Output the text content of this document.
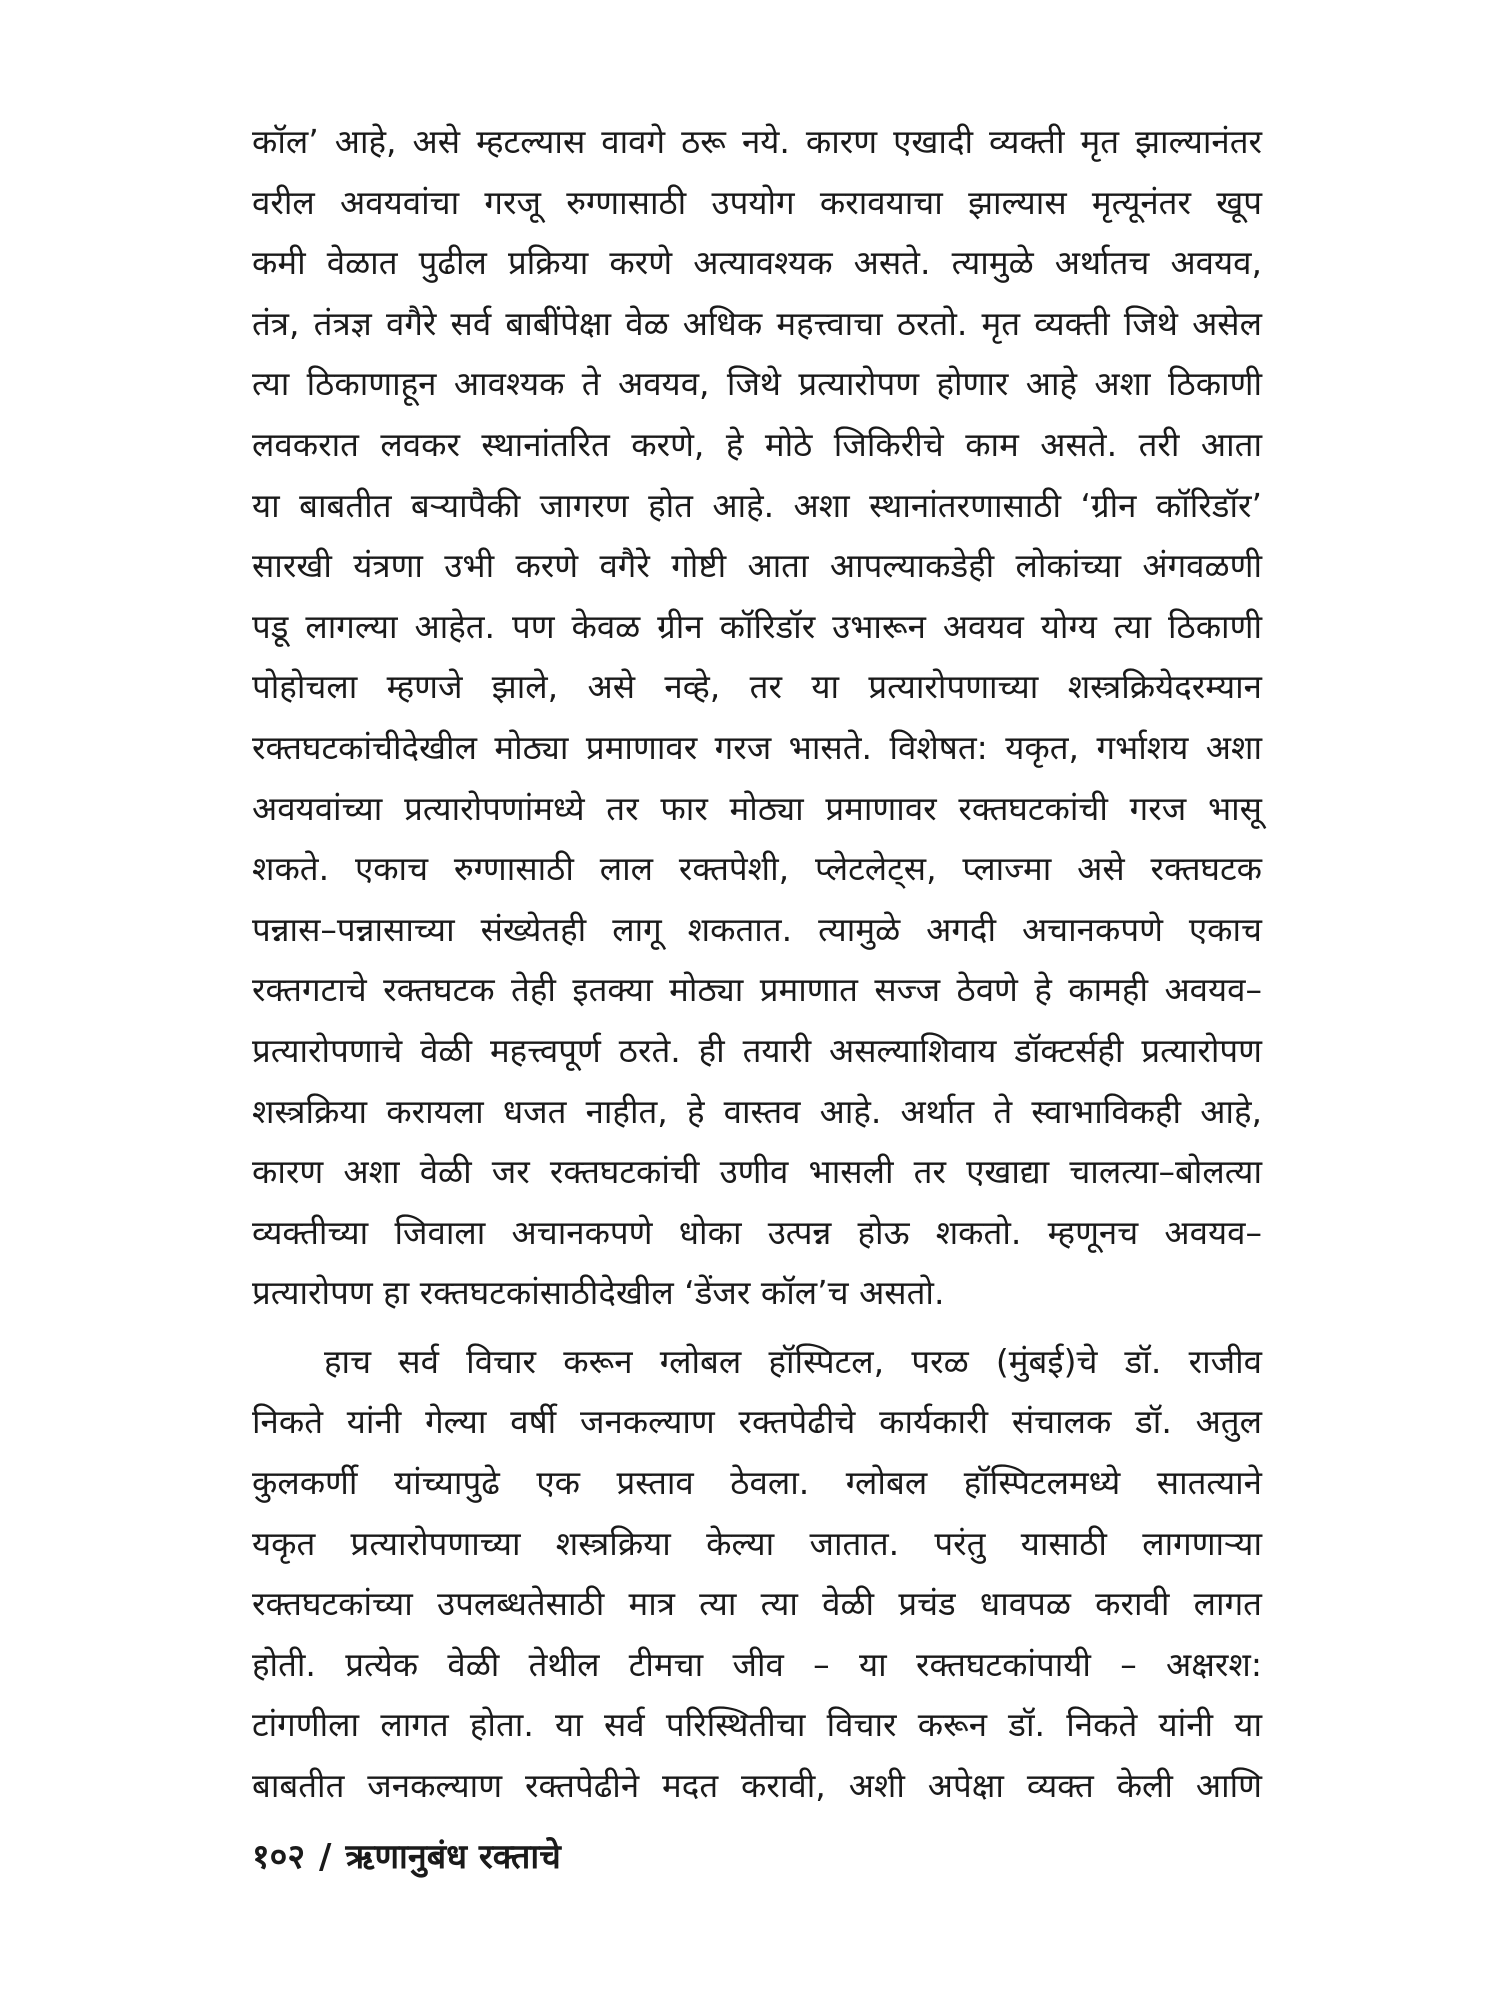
कॉल’ आहे, असे म्हटल्यास वावगे ठरू नये. कारण एखादी व्यक्ती मृत झाल्यानंतर
वरील अवयवांचा गरजू रुग्णासाठी उपयोग करावयाचा झाल्यास मृत्यूनंतर खूप
कमी वेळात पुढील प्रक्रिया करणे अत्यावश्यक असते. त्यामुळे अर्थातच अवयव,
तंत्र, तंत्रज्ञ वगैरे सर्व बाबींपेक्षा वेळ अधिक महत्त्वाचा ठरतो. मृत व्यक्ती जिथे असेल
त्या ठिकाणाहून आवश्यक ते अवयव, जिथे प्रत्यारोपण होणार आहे अशा ठिकाणी
लवकरात लवकर स्थानांतरित करणे, हे मोठे जिकिरीचे काम असते. तरी आता
या बाबतीत बऱ्यापैकी जागरण होत आहे. अशा स्थानांतरणासाठी ‘ग्रीन कॉरिडॉर’
सारखी यंत्रणा उभी करणे वगैरे गोष्टी आता आपल्याकडेही लोकांच्या अंगवळणी
पडू लागल्या आहेत. पण केवळ ग्रीन कॉरिडॉर उभारून अवयव योग्य त्या ठिकाणी
पोहोचला म्हणजे झाले, असे नव्हे, तर या प्रत्यारोपणाच्या शस्त्रक्रियेदरम्यान
रक्तघटकांचीदेखील मोठ्या प्रमाणावर गरज भासते. विशेषत: यकृत, गर्भाशय अशा
अवयवांच्या प्रत्यारोपणांमध्ये तर फार मोठ्या प्रमाणावर रक्तघटकांची गरज भासू
शकते. एकाच रुग्णासाठी लाल रक्तपेशी, प्लेटलेट्स, प्लाज्मा असे रक्तघटक
पन्नास–पन्नासाच्या संख्येतही लागू शकतात. त्यामुळे अगदी अचानकपणे एकाच
रक्तगटाचे रक्तघटक तेही इतक्या मोठ्या प्रमाणात सज्ज ठेवणे हे कामही अवयव–
प्रत्यारोपणाचे वेळी महत्त्वपूर्ण ठरते. ही तयारी असल्याशिवाय डॉक्टर्सही प्रत्यारोपण
शस्त्रक्रिया करायला धजत नाहीत, हे वास्तव आहे. अर्थात ते स्वाभाविकही आहे,
कारण अशा वेळी जर रक्तघटकांची उणीव भासली तर एखाद्या चालत्या–बोलत्या
व्यक्तीच्या जिवाला अचानकपणे धोका उत्पन्न होऊ शकतो. म्हणूनच अवयव–
प्रत्यारोपण हा रक्तघटकांसाठीदेखील ‘डेंजर कॉल’च असतो.
हाच सर्व विचार करून ग्लोबल हॉस्पिटल, परळ (मुंबई)चे डॉ. राजीव
निकते यांनी गेल्या वर्षी जनकल्याण रक्तपेढीचे कार्यकारी संचालक डॉ. अतुल
कुलकर्णी यांच्यापुढे एक प्रस्ताव ठेवला. ग्लोबल हॉस्पिटलमध्ये सातत्याने
यकृत प्रत्यारोपणाच्या शस्त्रक्रिया केल्या जातात. परंतु यासाठी लागणाऱ्या
रक्तघटकांच्या उपलब्धतेसाठी मात्र त्या त्या वेळी प्रचंड धावपळ करावी लागत
होती. प्रत्येक वेळी तेथील टीमचा जीव – या रक्तघटकांपायी – अक्षरश:
टांगणीला लागत होता. या सर्व परिस्थितीचा विचार करून डॉ. निकते यांनी या
बाबतीत जनकल्याण रक्तपेढीने मदत करावी, अशी अपेक्षा व्यक्त केली आणि
१०२ / ऋणानुबंध रक्ताचे
